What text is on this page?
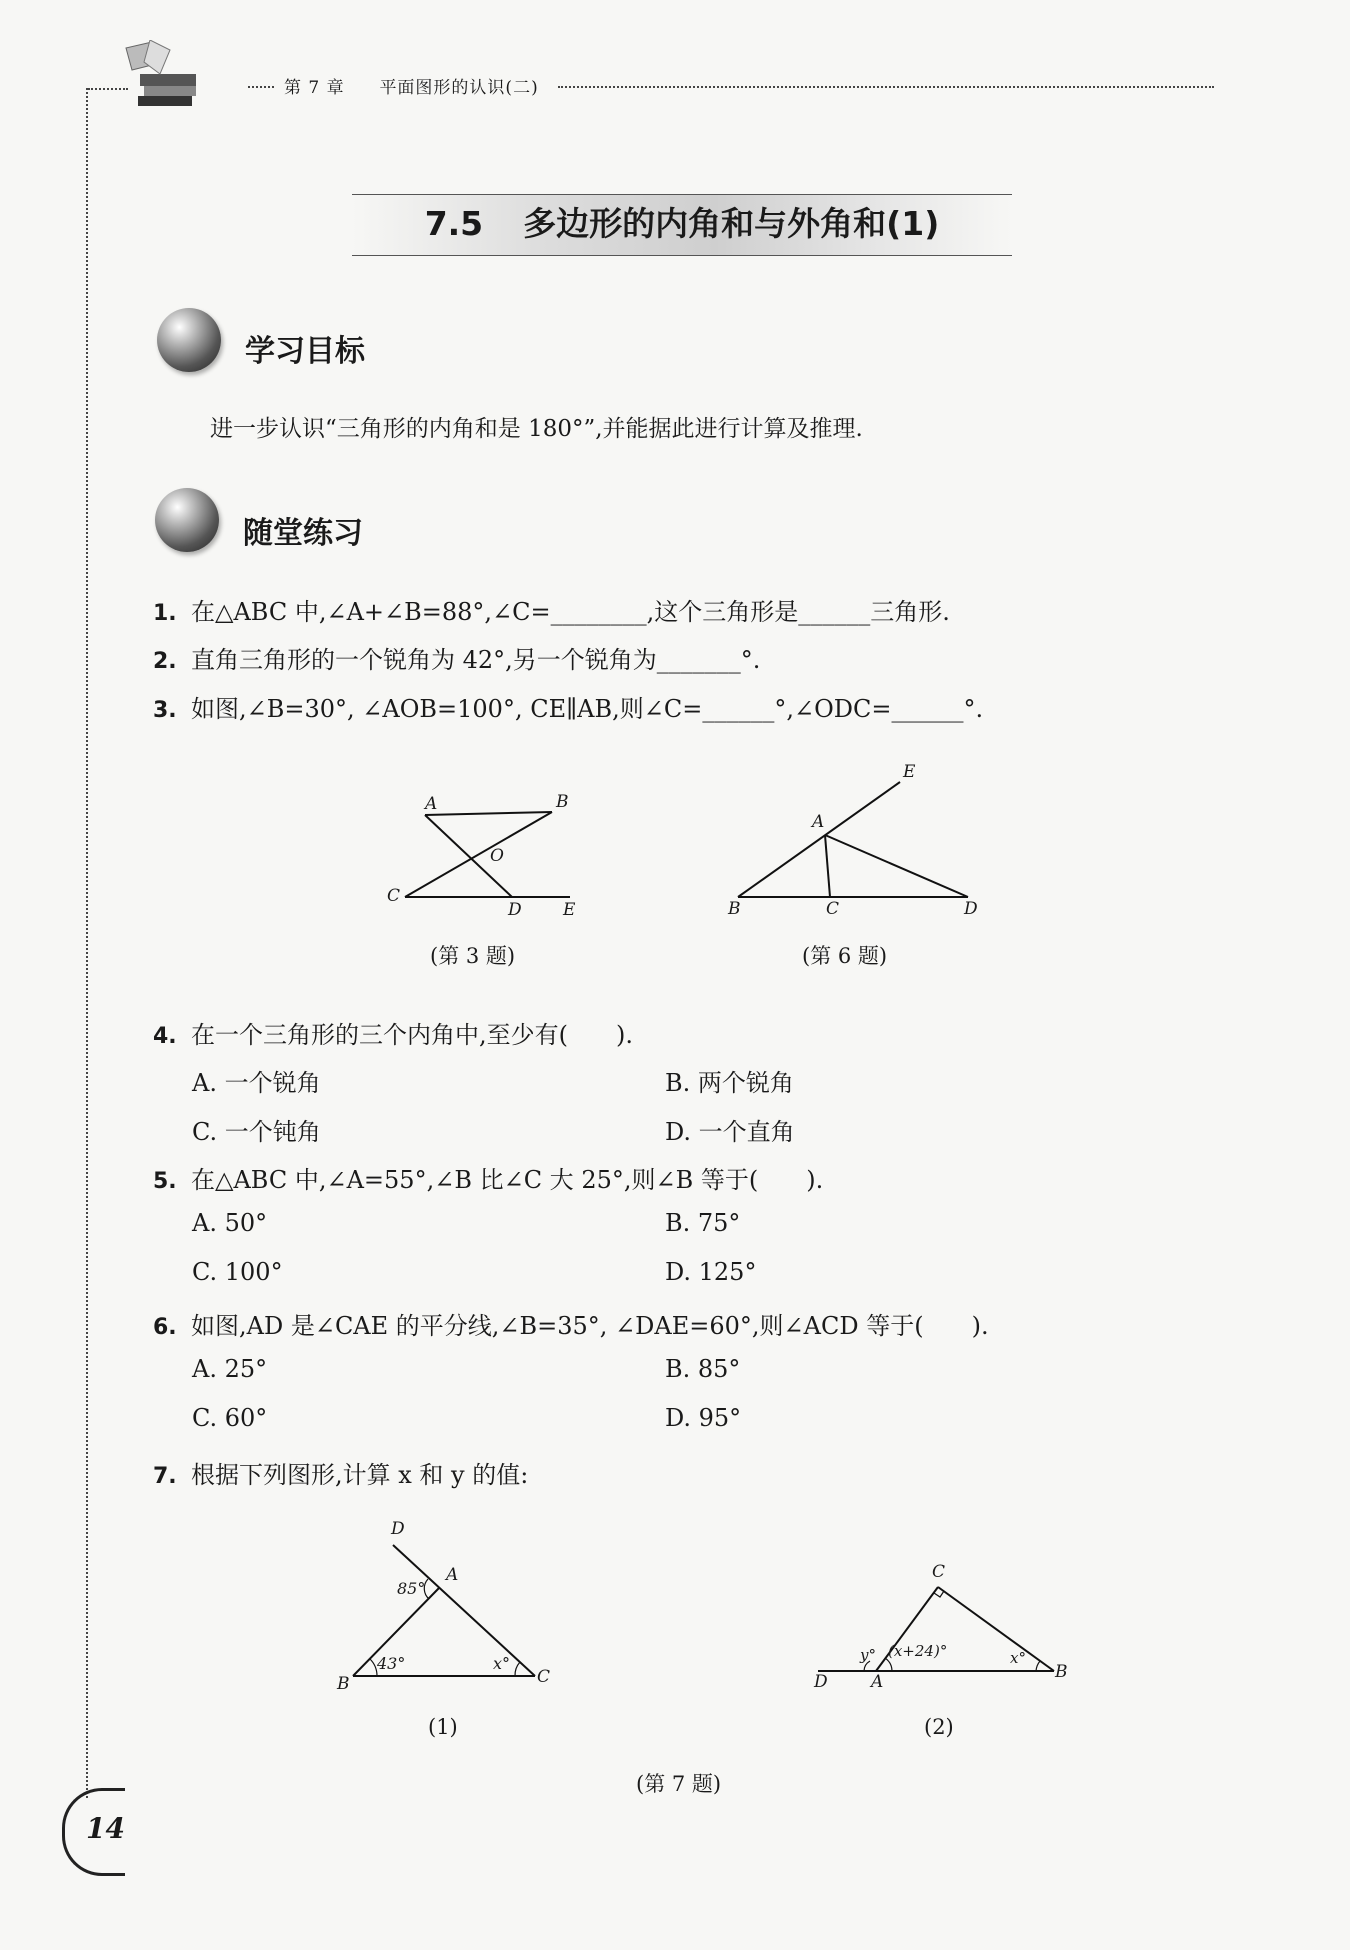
第 7 章 平面图形的认识(二)
7.5 多边形的内角和与外角和(1)
学习目标
进一步认识“三角形的内角和是 180°”,并能据此进行计算及推理.
随堂练习
1. 在△ABC 中,∠A+∠B=88°,∠C=________,这个三角形是______三角形.
2. 直角三角形的一个锐角为 42°,另一个锐角为_______°.
3. 如图,∠B=30°, ∠AOB=100°, CE∥AB,则∠C=______°,∠ODC=______°.
A	B
O
C
D E
(第 3 题)
E
A
B	C	D
(第 6 题)
4. 在一个三角形的三个内角中,至少有(　　).
A. 一个锐角	B. 两个锐角
C. 一个钝角	D. 一个直角
5. 在△ABC 中,∠A=55°,∠B 比∠C 大 25°,则∠B 等于(　　).
A. 50°	B. 75°
C. 100°	D. 125°
6. 如图,AD 是∠CAE 的平分线,∠B=35°, ∠DAE=60°,则∠ACD 等于(　　).
A. 25°	B. 85°
C. 60°	D. 95°
7. 根据下列图形,计算 x 和 y 的值:
D
A
B	C
85°
43°	x°
(1)
C
D	A	B
y° (x+24)°	x°
(2)
(第 7 题)
14
